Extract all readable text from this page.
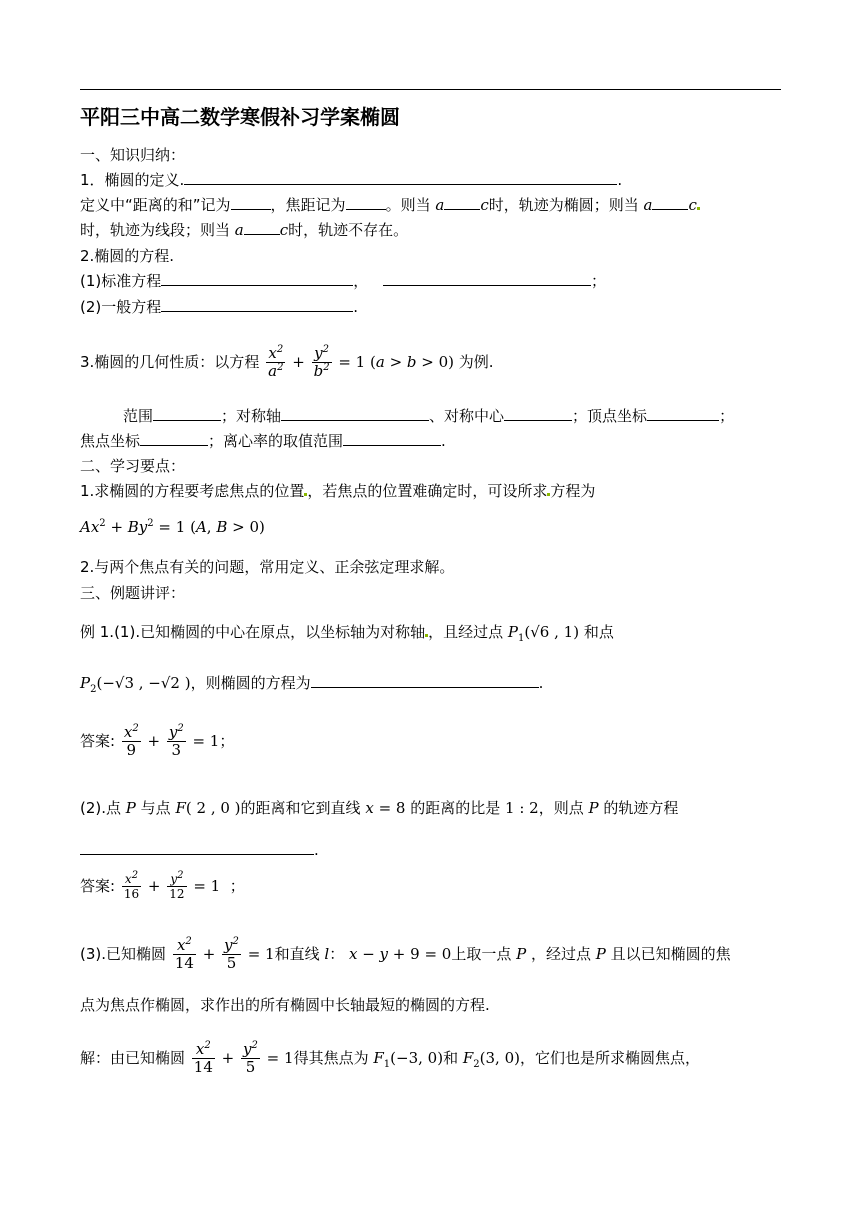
平阳三中高二数学寒假补习学案椭圆
一、知识归纳：
1．椭圆的定义.	.
定义中“距离的和”记为	，焦距记为	。则当 a c时，轨迹为椭圆；则当 a c
时，轨迹为线段；则当 a c时，轨迹不存在。
2.椭圆的方程.
(1)标准方程	，	；
(2)一般方程	.
3.椭圆的几何性质：以方程 $\frac{x^2}{a^2} + \frac{y^2}{b^2} = 1$ (a > b > 0) 为例.
范围	；对称轴	、对称中心	；顶点坐标	；
焦点坐标	；离心率的取值范围	.
二、学习要点：
1.求椭圆的方程要考虑焦点的位置 ，若焦点的位置难确定时，可设所求 方程为
$Ax^2 + By^2 = 1$ (A, B > 0)
2.与两个焦点有关的问题，常用定义、正余弦定理求解。
三、例题讲评：
例 1.(1).已知椭圆的中心在原点，以坐标轴为对称轴 ，且经过点 $P_1(√6$ , 1) 和点
$P_2(-√3$ , −√2 )，则椭圆的方程为	.
答案: $\frac{x^2}{9} + \frac{y^2}{3} = 1$；
(2).点 P 与点 F( 2 , 0 )的距离和它到直线 x = 8 的距离的比是 1 : 2，则点 P 的轨迹方程
.
答案: $\frac{x^2}{16} + \frac{y^2}{12} = 1$  ；
(3).已知椭圆 $\frac{x^2}{14} + \frac{y^2}{5} = 1$和直线 l： x − y + 9 = 0上取一点 P ，经过点 P 且以已知椭圆的焦
点为焦点作椭圆，求作出的所有椭圆中长轴最短的椭圆的方程.
解：由已知椭圆 $\frac{x^2}{14} + \frac{y^2}{5} = 1$得其焦点为 $F_1(-3$, 0)和 $F_2(3$, 0)，它们也是所求椭圆焦点，
